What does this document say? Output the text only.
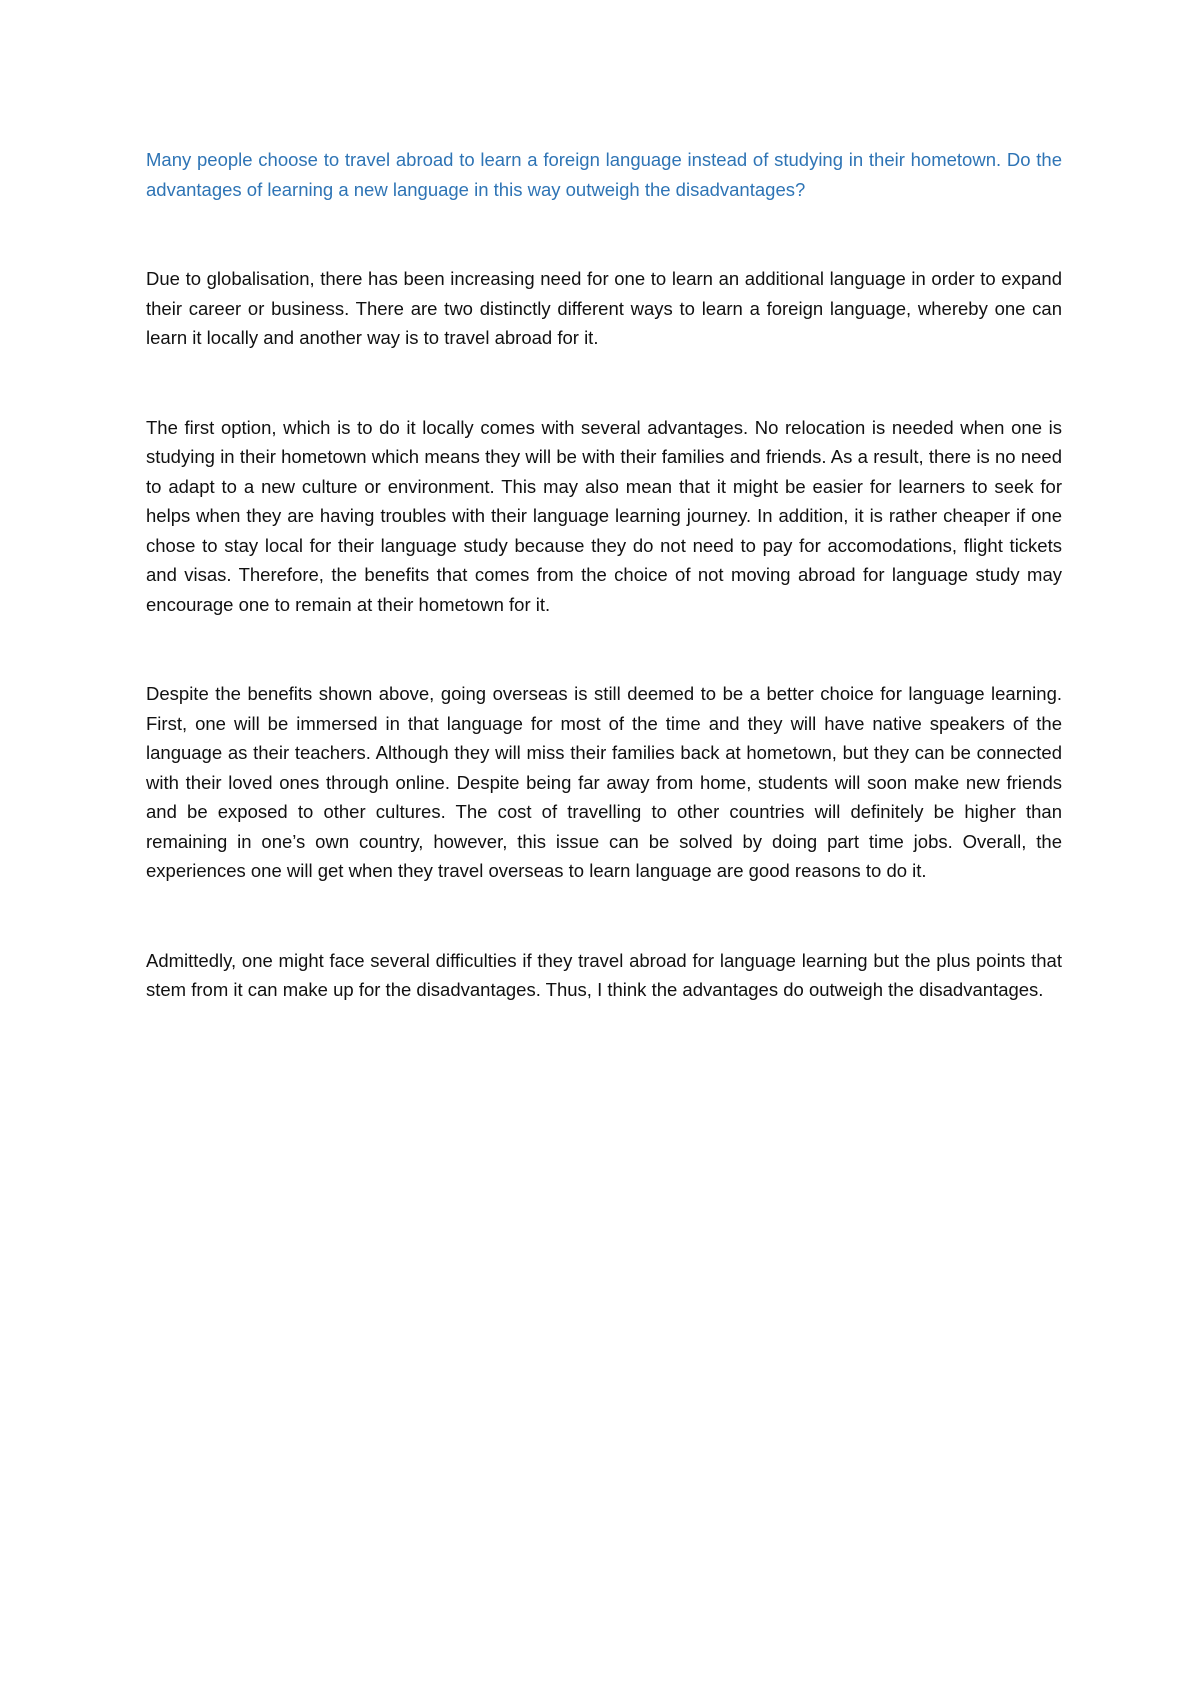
Many people choose to travel abroad to learn a foreign language instead of studying in their hometown. Do the advantages of learning a new language in this way outweigh the disadvantages?

Due to globalisation, there has been increasing need for one to learn an additional language in order to expand their career or business. There are two distinctly different ways to learn a foreign language, whereby one can learn it locally and another way is to travel abroad for it.

The first option, which is to do it locally comes with several advantages. No relocation is needed when one is studying in their hometown which means they will be with their families and friends. As a result, there is no need to adapt to a new culture or environment. This may also mean that it might be easier for learners to seek for helps when they are having troubles with their language learning journey. In addition, it is rather cheaper if one chose to stay local for their language study because they do not need to pay for accomodations, flight tickets and visas. Therefore, the benefits that comes from the choice of not moving abroad for language study may encourage one to remain at their hometown for it.

Despite the benefits shown above, going overseas is still deemed to be a better choice for language learning. First, one will be immersed in that language for most of the time and they will have native speakers of the language as their teachers. Although they will miss their families back at hometown, but they can be connected with their loved ones through online. Despite being far away from home, students will soon make new friends and be exposed to other cultures. The cost of travelling to other countries will definitely be higher than remaining in one’s own country, however, this issue can be solved by doing part time jobs. Overall, the experiences one will get when they travel overseas to learn language are good reasons to do it.

Admittedly, one might face several difficulties if they travel abroad for language learning but the plus points that stem from it can make up for the disadvantages. Thus, I think the advantages do outweigh the disadvantages.
